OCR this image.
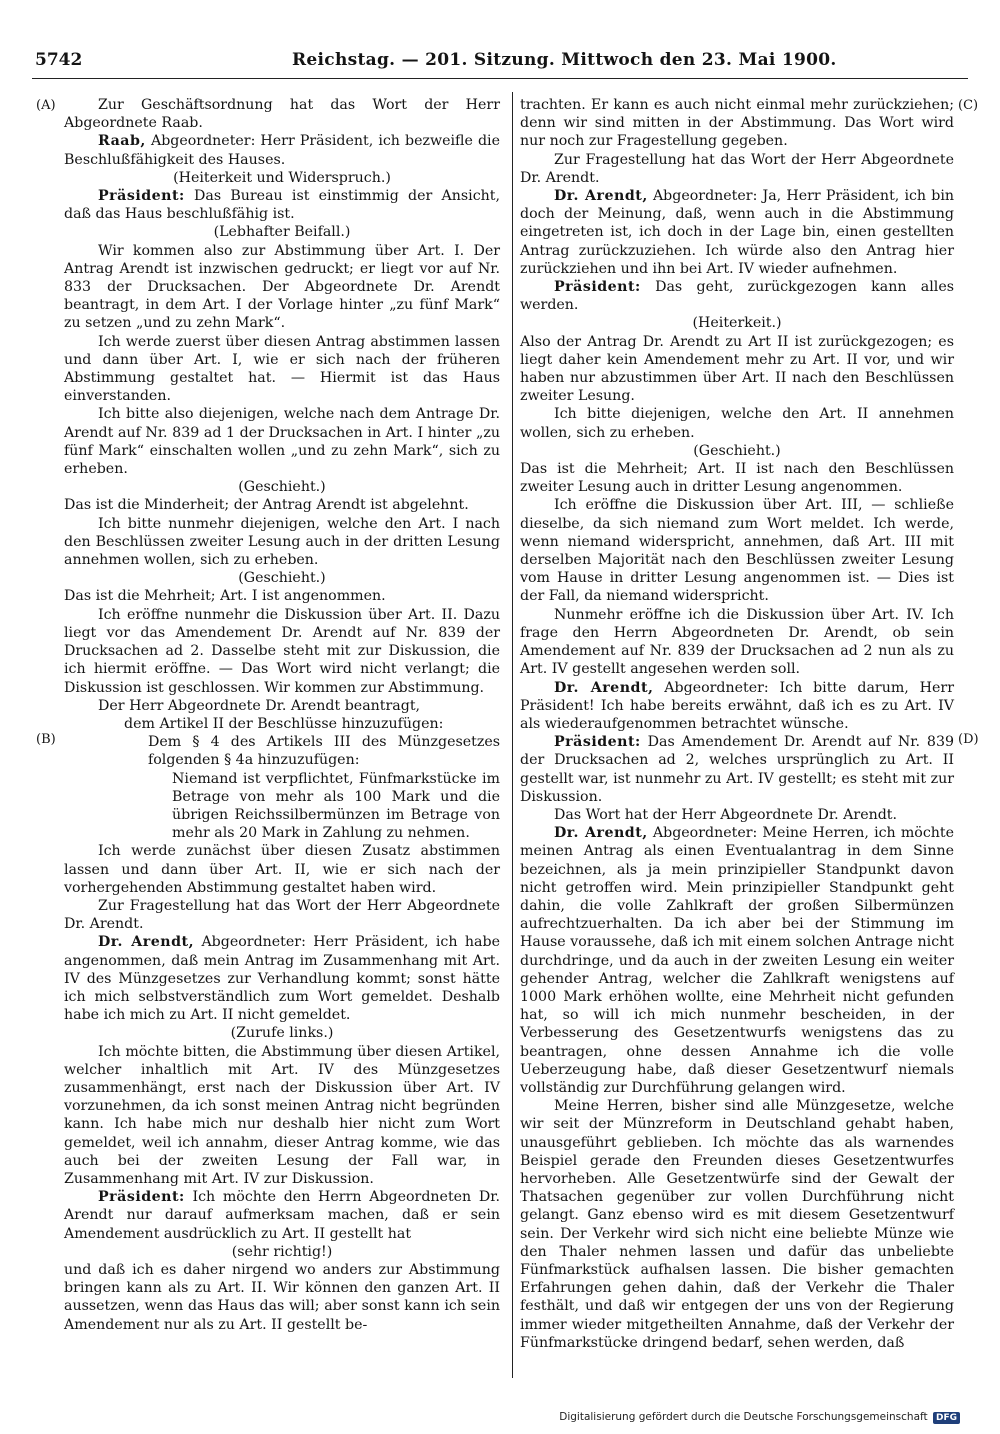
5742	Reichstag. — 201. Sitzung. Mittwoch den 23. Mai 1900.
(A)
(B)
(C)
(D)

Zur Geschäftsordnung hat das Wort der Herr Abgeordnete Raab.

Raab, Abgeordneter: Herr Präsident, ich bezweifle die Beschlußfähigkeit des Hauses.

(Heiterkeit und Widerspruch.)

Präsident: Das Bureau ist einstimmig der Ansicht, daß das Haus beschlußfähig ist.

(Lebhafter Beifall.)

Wir kommen also zur Abstimmung über Art. I. Der Antrag Arendt ist inzwischen gedruckt; er liegt vor auf Nr. 833 der Drucksachen. Der Abgeordnete Dr. Arendt beantragt, in dem Art. I der Vorlage hinter „zu fünf Mark“ zu setzen „und zu zehn Mark“.

Ich werde zuerst über diesen Antrag abstimmen lassen und dann über Art. I, wie er sich nach der früheren Abstimmung gestaltet hat. — Hiermit ist das Haus einverstanden.

Ich bitte also diejenigen, welche nach dem Antrage Dr. Arendt auf Nr. 839 ad 1 der Drucksachen in Art. I hinter „zu fünf Mark“ einschalten wollen „und zu zehn Mark“, sich zu erheben.

(Geschieht.)

Das ist die Minderheit; der Antrag Arendt ist abgelehnt.

Ich bitte nunmehr diejenigen, welche den Art. I nach den Beschlüssen zweiter Lesung auch in der dritten Lesung annehmen wollen, sich zu erheben.

(Geschieht.)

Das ist die Mehrheit; Art. I ist angenommen.

Ich eröffne nunmehr die Diskussion über Art. II. Dazu liegt vor das Amendement Dr. Arendt auf Nr. 839 der Drucksachen ad 2. Dasselbe steht mit zur Diskussion, die ich hiermit eröffne. — Das Wort wird nicht verlangt; die Diskussion ist geschlossen. Wir kommen zur Abstimmung.

Der Herr Abgeordnete Dr. Arendt beantragt,

dem Artikel II der Beschlüsse hinzuzufügen:

Dem § 4 des Artikels III des Münzgesetzes folgenden § 4a hinzuzufügen:

Niemand ist verpflichtet, Fünfmarkstücke im Betrage von mehr als 100 Mark und die übrigen Reichssilbermünzen im Betrage von mehr als 20 Mark in Zahlung zu nehmen.

Ich werde zunächst über diesen Zusatz abstimmen lassen und dann über Art. II, wie er sich nach der vorhergehenden Abstimmung gestaltet haben wird.

Zur Fragestellung hat das Wort der Herr Abgeordnete Dr. Arendt.

Dr. Arendt, Abgeordneter: Herr Präsident, ich habe angenommen, daß mein Antrag im Zusammenhang mit Art. IV des Münzgesetzes zur Verhandlung kommt; sonst hätte ich mich selbstverständlich zum Wort gemeldet. Deshalb habe ich mich zu Art. II nicht gemeldet.

(Zurufe links.)

Ich möchte bitten, die Abstimmung über diesen Artikel, welcher inhaltlich mit Art. IV des Münzgesetzes zusammenhängt, erst nach der Diskussion über Art. IV vorzunehmen, da ich sonst meinen Antrag nicht begründen kann. Ich habe mich nur deshalb hier nicht zum Wort gemeldet, weil ich annahm, dieser Antrag komme, wie das auch bei der zweiten Lesung der Fall war, in Zusammenhang mit Art. IV zur Diskussion.

Präsident: Ich möchte den Herrn Abgeordneten Dr. Arendt nur darauf aufmerksam machen, daß er sein Amendement ausdrücklich zu Art. II gestellt hat

(sehr richtig!)

und daß ich es daher nirgend wo anders zur Abstimmung bringen kann als zu Art. II. Wir können den ganzen Art. II aussetzen, wenn das Haus das will; aber sonst kann ich sein Amendement nur als zu Art. II gestellt be-

trachten. Er kann es auch nicht einmal mehr zurückziehen; denn wir sind mitten in der Abstimmung. Das Wort wird nur noch zur Fragestellung gegeben.

Zur Fragestellung hat das Wort der Herr Abgeordnete Dr. Arendt.

Dr. Arendt, Abgeordneter: Ja, Herr Präsident, ich bin doch der Meinung, daß, wenn auch in die Abstimmung eingetreten ist, ich doch in der Lage bin, einen gestellten Antrag zurückzuziehen. Ich würde also den Antrag hier zurückziehen und ihn bei Art. IV wieder aufnehmen.

Präsident: Das geht, zurückgezogen kann alles werden.

(Heiterkeit.)

Also der Antrag Dr. Arendt zu Art II ist zurückgezogen; es liegt daher kein Amendement mehr zu Art. II vor, und wir haben nur abzustimmen über Art. II nach den Beschlüssen zweiter Lesung.

Ich bitte diejenigen, welche den Art. II annehmen wollen, sich zu erheben.

(Geschieht.)

Das ist die Mehrheit; Art. II ist nach den Beschlüssen zweiter Lesung auch in dritter Lesung angenommen.

Ich eröffne die Diskussion über Art. III, — schließe dieselbe, da sich niemand zum Wort meldet. Ich werde, wenn niemand widerspricht, annehmen, daß Art. III mit derselben Majorität nach den Beschlüssen zweiter Lesung vom Hause in dritter Lesung angenommen ist. — Dies ist der Fall, da niemand widerspricht.

Nunmehr eröffne ich die Diskussion über Art. IV. Ich frage den Herrn Abgeordneten Dr. Arendt, ob sein Amendement auf Nr. 839 der Drucksachen ad 2 nun als zu Art. IV gestellt angesehen werden soll.

Dr. Arendt, Abgeordneter: Ich bitte darum, Herr Präsident! Ich habe bereits erwähnt, daß ich es zu Art. IV als wiederaufgenommen betrachtet wünsche.

Präsident: Das Amendement Dr. Arendt auf Nr. 839 der Drucksachen ad 2, welches ursprünglich zu Art. II gestellt war, ist nunmehr zu Art. IV gestellt; es steht mit zur Diskussion.

Das Wort hat der Herr Abgeordnete Dr. Arendt.

Dr. Arendt, Abgeordneter: Meine Herren, ich möchte meinen Antrag als einen Eventualantrag in dem Sinne bezeichnen, als ja mein prinzipieller Standpunkt davon nicht getroffen wird. Mein prinzipieller Standpunkt geht dahin, die volle Zahlkraft der großen Silbermünzen aufrechtzuerhalten. Da ich aber bei der Stimmung im Hause voraussehe, daß ich mit einem solchen Antrage nicht durchdringe, und da auch in der zweiten Lesung ein weiter gehender Antrag, welcher die Zahlkraft wenigstens auf 1000 Mark erhöhen wollte, eine Mehrheit nicht gefunden hat, so will ich mich nunmehr bescheiden, in der Verbesserung des Gesetzentwurfs wenigstens das zu beantragen, ohne dessen Annahme ich die volle Ueberzeugung habe, daß dieser Gesetzentwurf niemals vollständig zur Durchführung gelangen wird.

Meine Herren, bisher sind alle Münzgesetze, welche wir seit der Münzreform in Deutschland gehabt haben, unausgeführt geblieben. Ich möchte das als warnendes Beispiel gerade den Freunden dieses Gesetzentwurfes hervorheben. Alle Gesetzentwürfe sind der Gewalt der Thatsachen gegenüber zur vollen Durchführung nicht gelangt. Ganz ebenso wird es mit diesem Gesetzentwurf sein. Der Verkehr wird sich nicht eine beliebte Münze wie den Thaler nehmen lassen und dafür das unbeliebte Fünfmarkstück aufhalsen lassen. Die bisher gemachten Erfahrungen gehen dahin, daß der Verkehr die Thaler festhält, und daß wir entgegen der uns von der Regierung immer wieder mitgetheilten Annahme, daß der Verkehr der Fünfmarkstücke dringend bedarf, sehen werden, daß

Digitalisierung gefördert durch die Deutsche Forschungsgemeinschaft DFG
